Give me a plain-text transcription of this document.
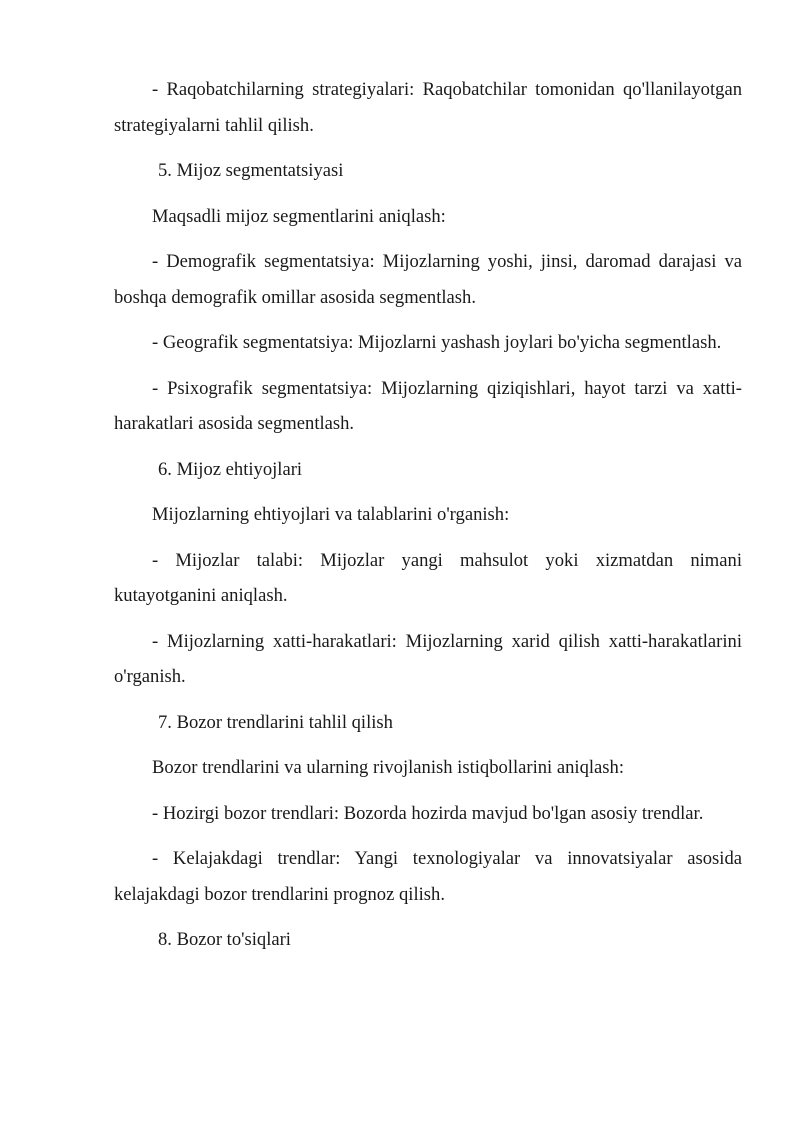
- Raqobatchilarning strategiyalari: Raqobatchilar tomonidan qo'llanilayotgan strategiyalarni tahlil qilish.

5. Mijoz segmentatsiyasi

Maqsadli mijoz segmentlarini aniqlash:

- Demografik segmentatsiya: Mijozlarning yoshi, jinsi, daromad darajasi va boshqa demografik omillar asosida segmentlash.

- Geografik segmentatsiya: Mijozlarni yashash joylari bo'yicha segmentlash.

- Psixografik segmentatsiya: Mijozlarning qiziqishlari, hayot tarzi va xatti-harakatlari asosida segmentlash.

6. Mijoz ehtiyojlari

Mijozlarning ehtiyojlari va talablarini o'rganish:

- Mijozlar talabi: Mijozlar yangi mahsulot yoki xizmatdan nimani kutayotganini aniqlash.

- Mijozlarning xatti-harakatlari: Mijozlarning xarid qilish xatti-harakatlarini o'rganish.

7. Bozor trendlarini tahlil qilish

Bozor trendlarini va ularning rivojlanish istiqbollarini aniqlash:

- Hozirgi bozor trendlari: Bozorda hozirda mavjud bo'lgan asosiy trendlar.

- Kelajakdagi trendlar: Yangi texnologiyalar va innovatsiyalar asosida kelajakdagi bozor trendlarini prognoz qilish.

8. Bozor to'siqlari
